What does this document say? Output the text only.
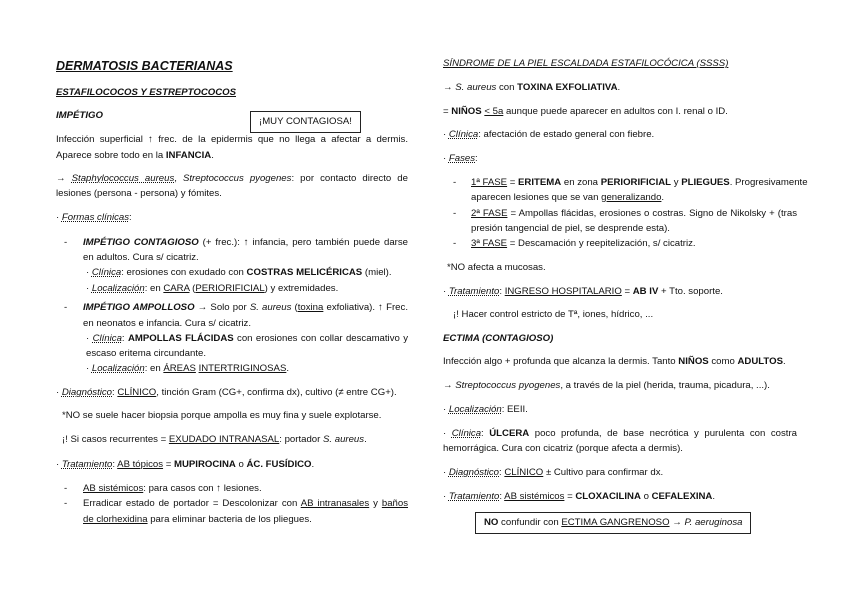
DERMATOSIS BACTERIANAS
ESTAFILOCOCOS Y ESTREPTOCOCOS
IMPÉTIGO
¡MUY CONTAGIOSA!
Infección superficial ↑ frec. de la epidermis que no llega a afectar a dermis.
Aparece sobre todo en la INFANCIA.
→ Staphylococcus aureus, Streptococcus pyogenes: por contacto directo de
lesiones (persona - persona) y fómites.
· Formas clínicas:
- IMPÉTIGO CONTAGIOSO (+ frec.): ↑ infancia, pero también puede darse
en adultos. Cura s/ cicatriz.
· Clínica: erosiones con exudado con COSTRAS MELICÉRICAS (miel).
· Localización: en CARA (PERIORIFICIAL) y extremidades.
- IMPÉTIGO AMPOLLOSO → Solo por S. aureus (toxina exfoliativa). ↑ Frec.
en neonatos e infancia. Cura s/ cicatriz.
· Clínica: AMPOLLAS FLÁCIDAS con erosiones con collar descamativo y
escaso eritema circundante.
· Localización: en ÁREAS INTERTRIGINOSAS.
· Diagnóstico: CLÍNICO, tinción Gram (CG+, confirma dx), cultivo (≠ entre CG+).
*NO se suele hacer biopsia porque ampolla es muy fina y suele explotarse.
¡! Si casos recurrentes = EXUDADO INTRANASAL: portador S. aureus.
· Tratamiento: AB tópicos = MUPIROCINA o ÁC. FUSÍDICO.
- AB sistémicos: para casos con ↑ lesiones.
- Erradicar estado de portador = Descolonizar con AB intranasales y baños
de clorhexidina para eliminar bacteria de los pliegues.
SÍNDROME DE LA PIEL ESCALDADA ESTAFILOCÓCICA (SSSS)
→ S. aureus con TOXINA EXFOLIATIVA.
= NIÑOS < 5a aunque puede aparecer en adultos con I. renal o ID.
· Clínica: afectación de estado general con fiebre.
· Fases:
- 1ª FASE = ERITEMA en zona PERIORIFICIAL y PLIEGUES. Progresivamente
aparecen lesiones que se van generalizando.
- 2ª FASE = Ampollas flácidas, erosiones o costras. Signo de Nikolsky + (tras
presión tangencial de piel, se desprende esta).
- 3ª FASE = Descamación y reepitelización, s/ cicatriz.
*NO afecta a mucosas.
· Tratamiento: INGRESO HOSPITALARIO = AB IV + Tto. soporte.
¡! Hacer control estricto de Tª, iones, hídrico, ...
ECTIMA (CONTAGIOSO)
Infección algo + profunda que alcanza la dermis. Tanto NIÑOS como ADULTOS.
→ Streptococcus pyogenes, a través de la piel (herida, trauma, picadura, ...).
· Localización: EEII.
· Clínica: ÚLCERA poco profunda, de base necrótica y purulenta con costra
hemorrágica. Cura con cicatriz (porque afecta a dermis).
· Diagnóstico: CLÍNICO ± Cultivo para confirmar dx.
· Tratamiento: AB sistémicos = CLOXACILINA o CEFALEXINA.
NO confundir con ECTIMA GANGRENOSO → P. aeruginosa
